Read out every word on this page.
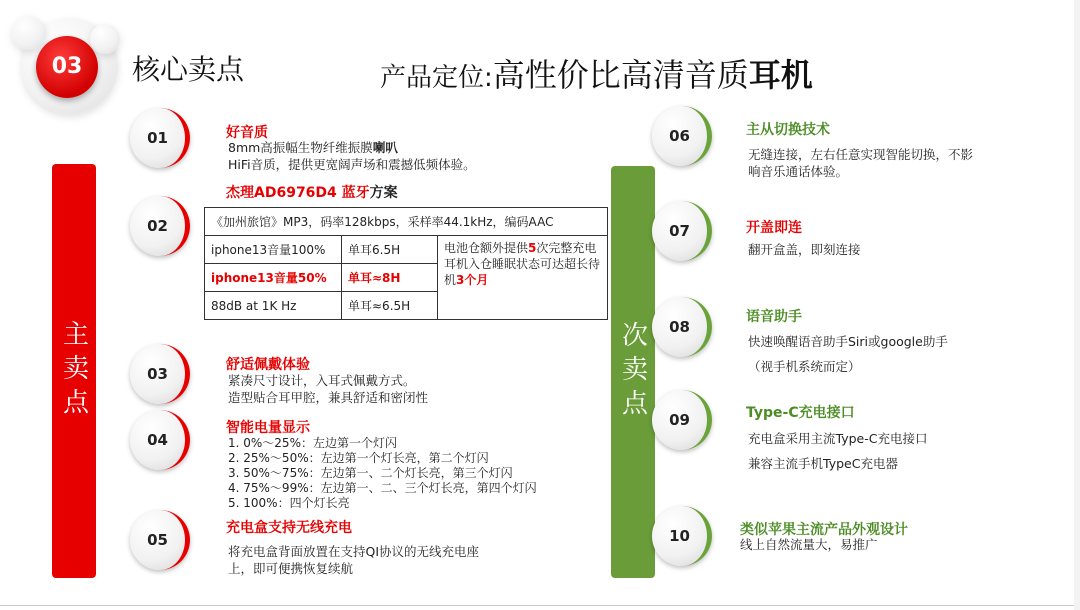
03	核心卖点	产品定位:高性价比高清音质耳机
主卖点	次卖点
01	好音质
8mm高振幅生物纤维振膜喇叭
HiFi音质，提供更宽阔声场和震撼低频体验。
02
杰理AD6976D4 蓝牙方案
《加州旅馆》MP3，码率128kbps，采样率44.1kHz，编码AAC		
iphone13音量100%	单耳6.5H	电池仓额外提供5次完整充电
耳机入仓睡眠状态可达超长待机3个月
iphone13音量50%	单耳≈8H	
88dB at 1K Hz	单耳≈6.5H	
03	舒适佩戴体验
紧凑尺寸设计，入耳式佩戴方式。
造型贴合耳甲腔，兼具舒适和密闭性
04
智能电量显示
1. 0%～25%：左边第一个灯闪
2. 25%～50%：左边第一个灯长亮，第二个灯闪
3. 50%～75%：左边第一、二个灯长亮，第三个灯闪
4. 75%～99%：左边第一、二、三个灯长亮，第四个灯闪
5. 100%：四个灯长亮
05
充电盒支持无线充电
将充电盒背面放置在支持QI协议的无线充电座
上，即可便携恢复续航
06	主从切换技术
无缝连接，左右任意实现智能切换，不影
响音乐通话体验。
07	开盖即连
翻开盒盖，即刻连接
08
语音助手
快速唤醒语音助手Siri或google助手
（视手机系统而定）
09	Type-C充电接口
充电盒采用主流Type-C充电接口
兼容主流手机TypeC充电器
10	类似苹果主流产品外观设计
线上自然流量大，易推广
